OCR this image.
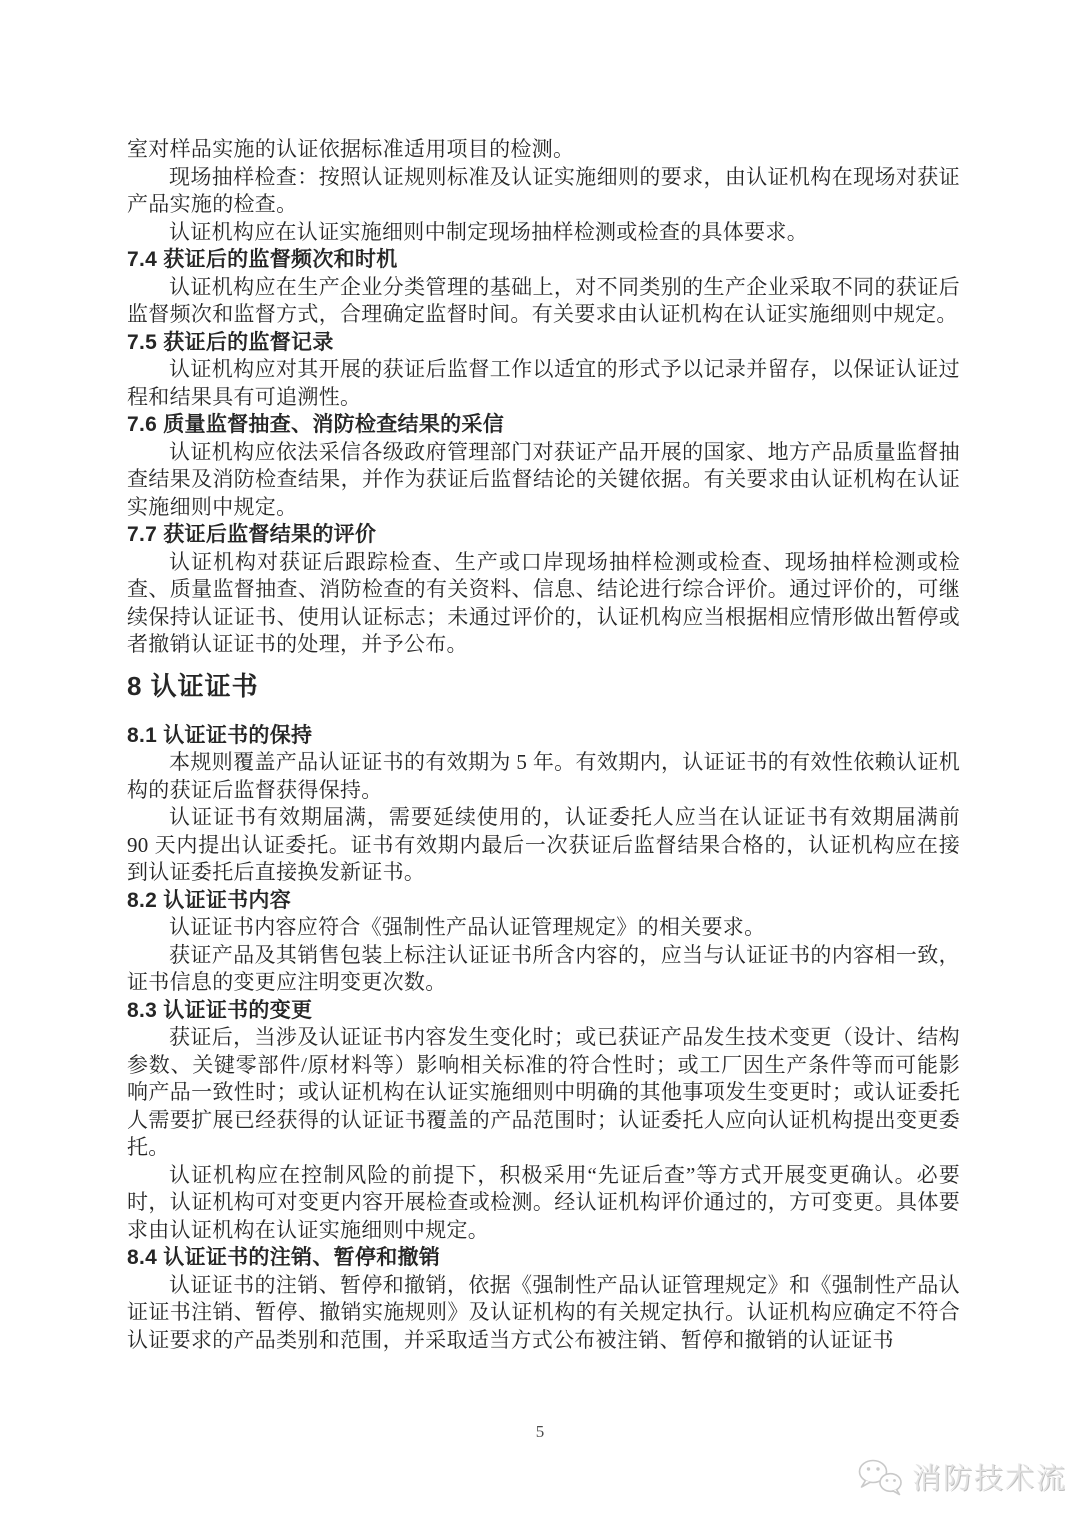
室对样品实施的认证依据标准适用项目的检测。

现场抽样检查：按照认证规则标准及认证实施细则的要求，由认证机构在现场对获证产品实施的检查。

认证机构应在认证实施细则中制定现场抽样检测或检查的具体要求。

7.4 获证后的监督频次和时机

认证机构应在生产企业分类管理的基础上，对不同类别的生产企业采取不同的获证后监督频次和监督方式，合理确定监督时间。有关要求由认证机构在认证实施细则中规定。

7.5 获证后的监督记录

认证机构应对其开展的获证后监督工作以适宜的形式予以记录并留存，以保证认证过程和结果具有可追溯性。

7.6 质量监督抽查、消防检查结果的采信

认证机构应依法采信各级政府管理部门对获证产品开展的国家、地方产品质量监督抽查结果及消防检查结果，并作为获证后监督结论的关键依据。有关要求由认证机构在认证实施细则中规定。

7.7 获证后监督结果的评价

认证机构对获证后跟踪检查、生产或口岸现场抽样检测或检查、现场抽样检测或检查、质量监督抽查、消防检查的有关资料、信息、结论进行综合评价。通过评价的，可继续保持认证证书、使用认证标志；未通过评价的，认证机构应当根据相应情形做出暂停或者撤销认证证书的处理，并予公布。

8 认证证书
8.1 认证证书的保持

本规则覆盖产品认证证书的有效期为 5 年。有效期内，认证证书的有效性依赖认证机构的获证后监督获得保持。

认证证书有效期届满，需要延续使用的，认证委托人应当在认证证书有效期届满前 90 天内提出认证委托。证书有效期内最后一次获证后监督结果合格的，认证机构应在接到认证委托后直接换发新证书。

8.2 认证证书内容

认证证书内容应符合《强制性产品认证管理规定》的相关要求。

获证产品及其销售包装上标注认证证书所含内容的，应当与认证证书的内容相一致，证书信息的变更应注明变更次数。

8.3 认证证书的变更

获证后，当涉及认证证书内容发生变化时；或已获证产品发生技术变更（设计、结构参数、关键零部件/原材料等）影响相关标准的符合性时；或工厂因生产条件等而可能影响产品一致性时；或认证机构在认证实施细则中明确的其他事项发生变更时；或认证委托人需要扩展已经获得的认证证书覆盖的产品范围时；认证委托人应向认证机构提出变更委托。

认证机构应在控制风险的前提下，积极采用“先证后查”等方式开展变更确认。必要时，认证机构可对变更内容开展检查或检测。经认证机构评价通过的，方可变更。具体要求由认证机构在认证实施细则中规定。

8.4 认证证书的注销、暂停和撤销

认证证书的注销、暂停和撤销，依据《强制性产品认证管理规定》和《强制性产品认证证书注销、暂停、撤销实施规则》及认证机构的有关规定执行。认证机构应确定不符合认证要求的产品类别和范围，并采取适当方式公布被注销、暂停和撤销的认证证书

5
消防技术流
